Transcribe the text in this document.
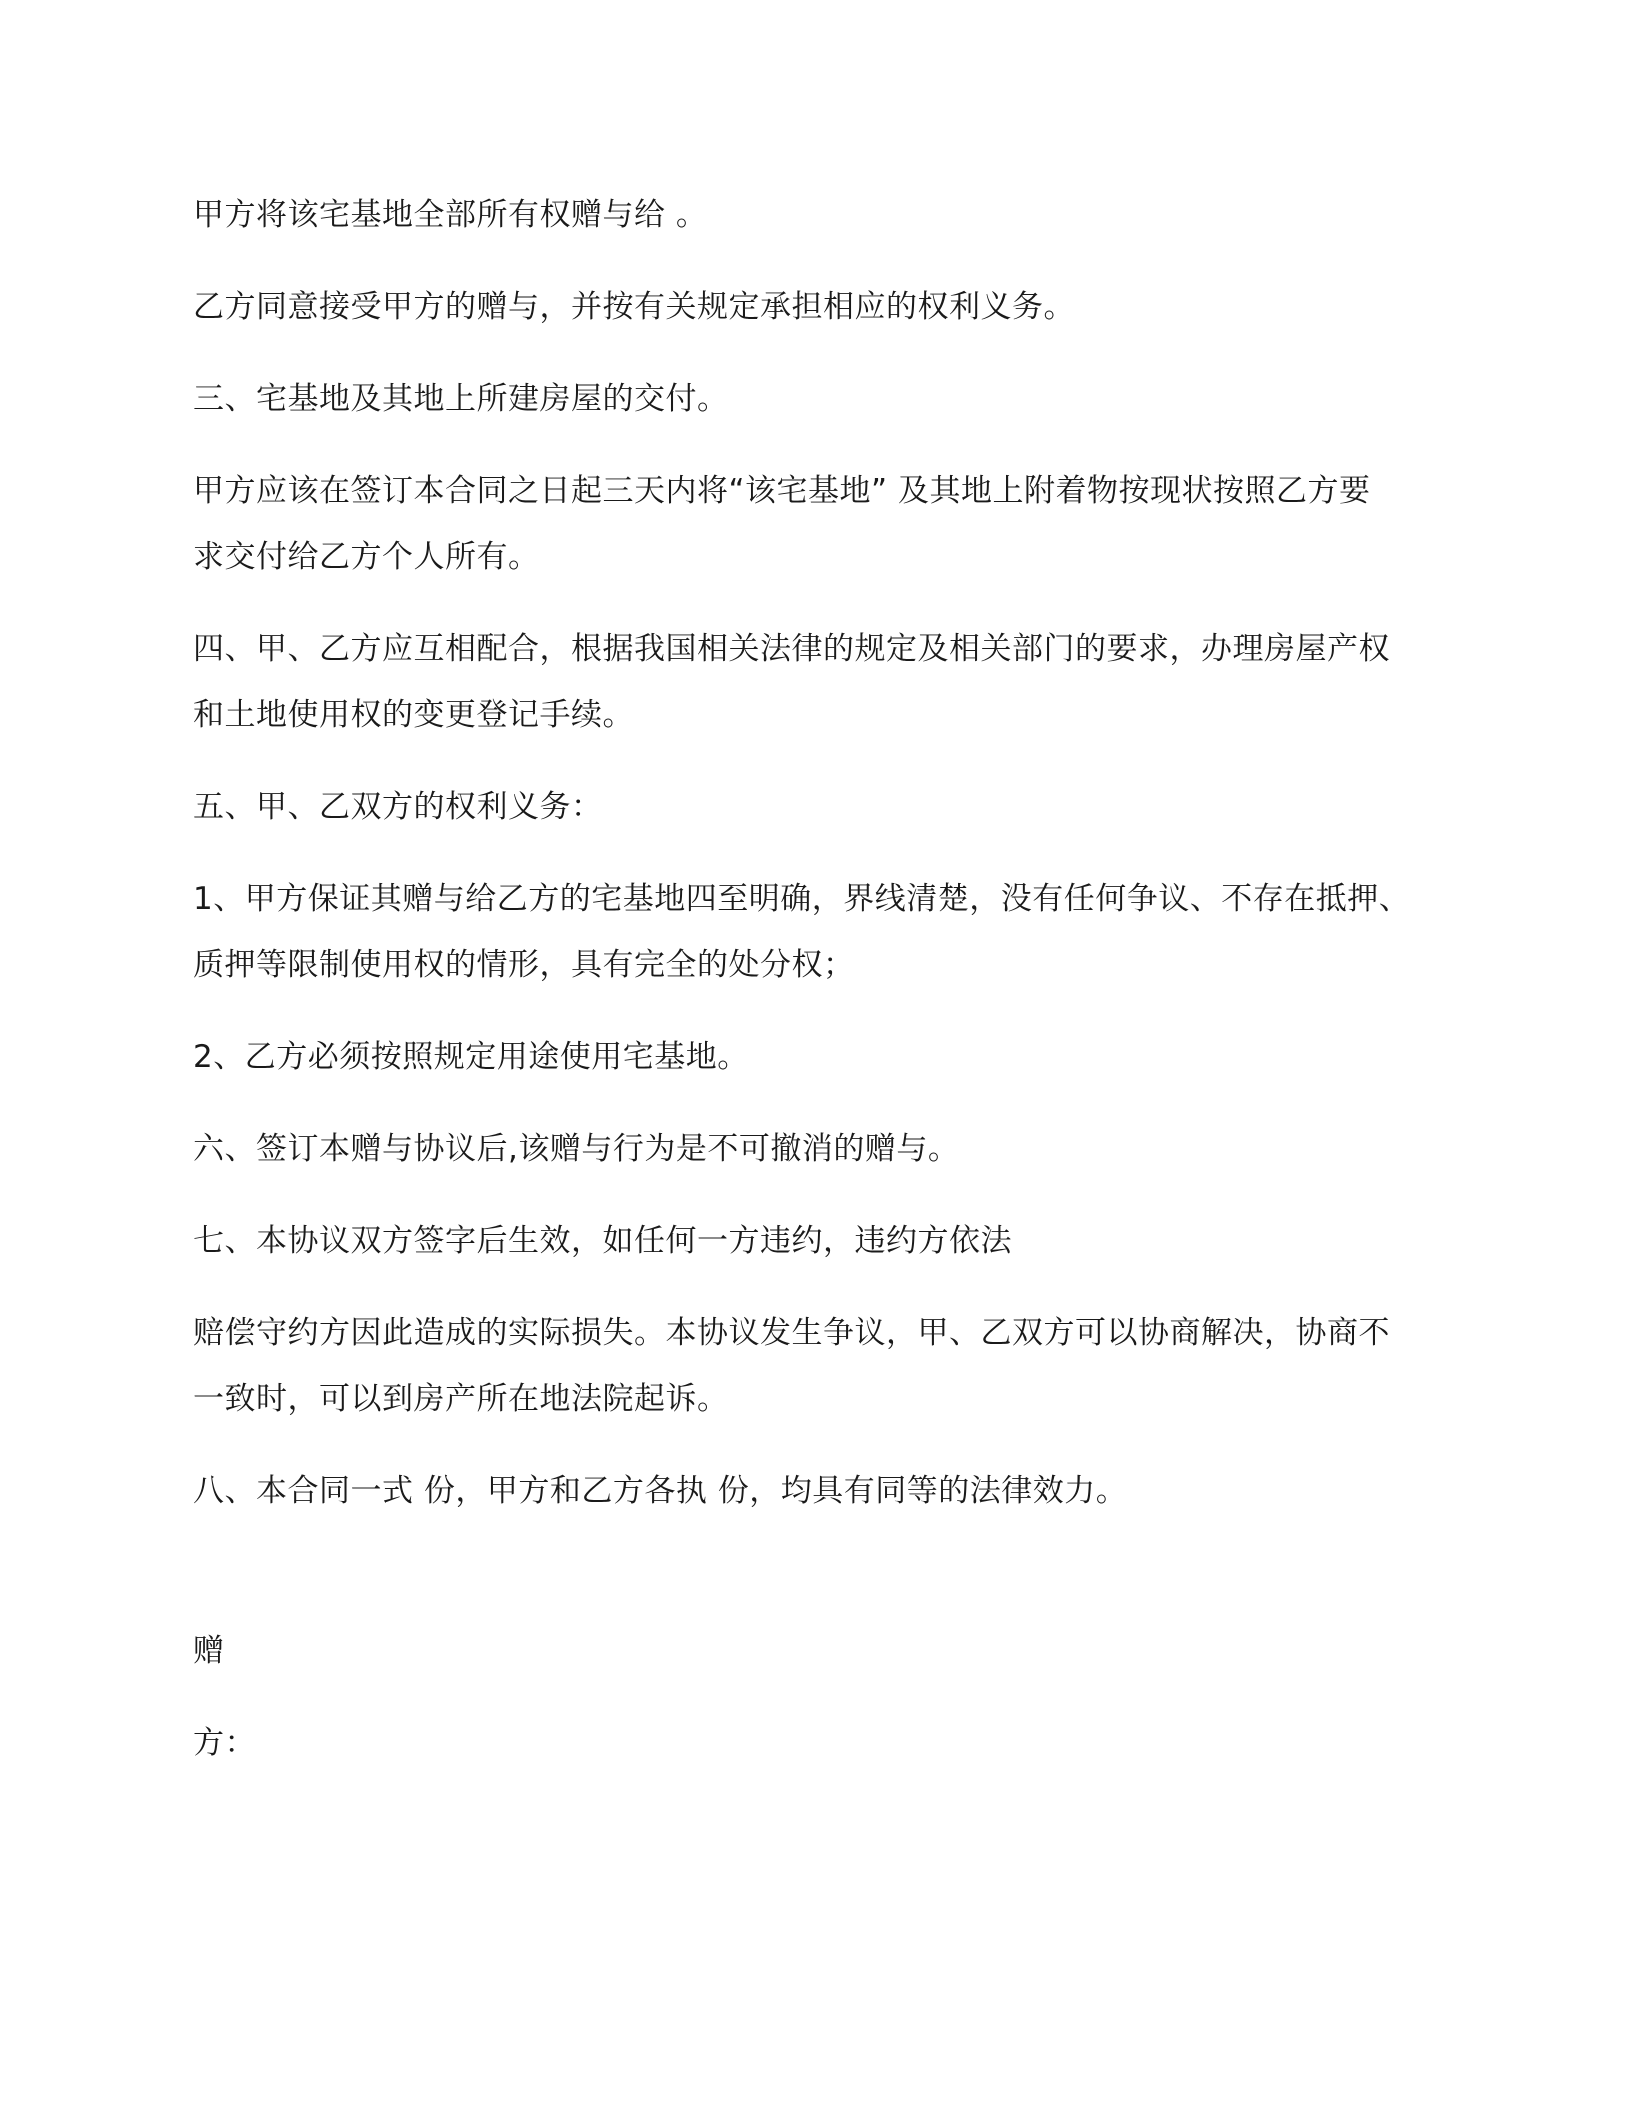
甲方将该宅基地全部所有权赠与给 。

乙方同意接受甲方的赠与，并按有关规定承担相应的权利义务。

三、宅基地及其地上所建房屋的交付。

甲方应该在签订本合同之日起三天内将“该宅基地” 及其地上附着物按现状按照乙方要

求交付给乙方个人所有。

四、甲、乙方应互相配合，根据我国相关法律的规定及相关部门的要求，办理房屋产权

和土地使用权的变更登记手续。

五、甲、乙双方的权利义务：

1、甲方保证其赠与给乙方的宅基地四至明确，界线清楚，没有任何争议、不存在抵押、

质押等限制使用权的情形，具有完全的处分权；

2、乙方必须按照规定用途使用宅基地。

六、签订本赠与协议后,该赠与行为是不可撤消的赠与。

七、本协议双方签字后生效，如任何一方违约，违约方依法

赔偿守约方因此造成的实际损失。本协议发生争议，甲、乙双方可以协商解决，协商不

一致时，可以到房产所在地法院起诉。

八、本合同一式 份，甲方和乙方各执 份，均具有同等的法律效力。

赠

方：
